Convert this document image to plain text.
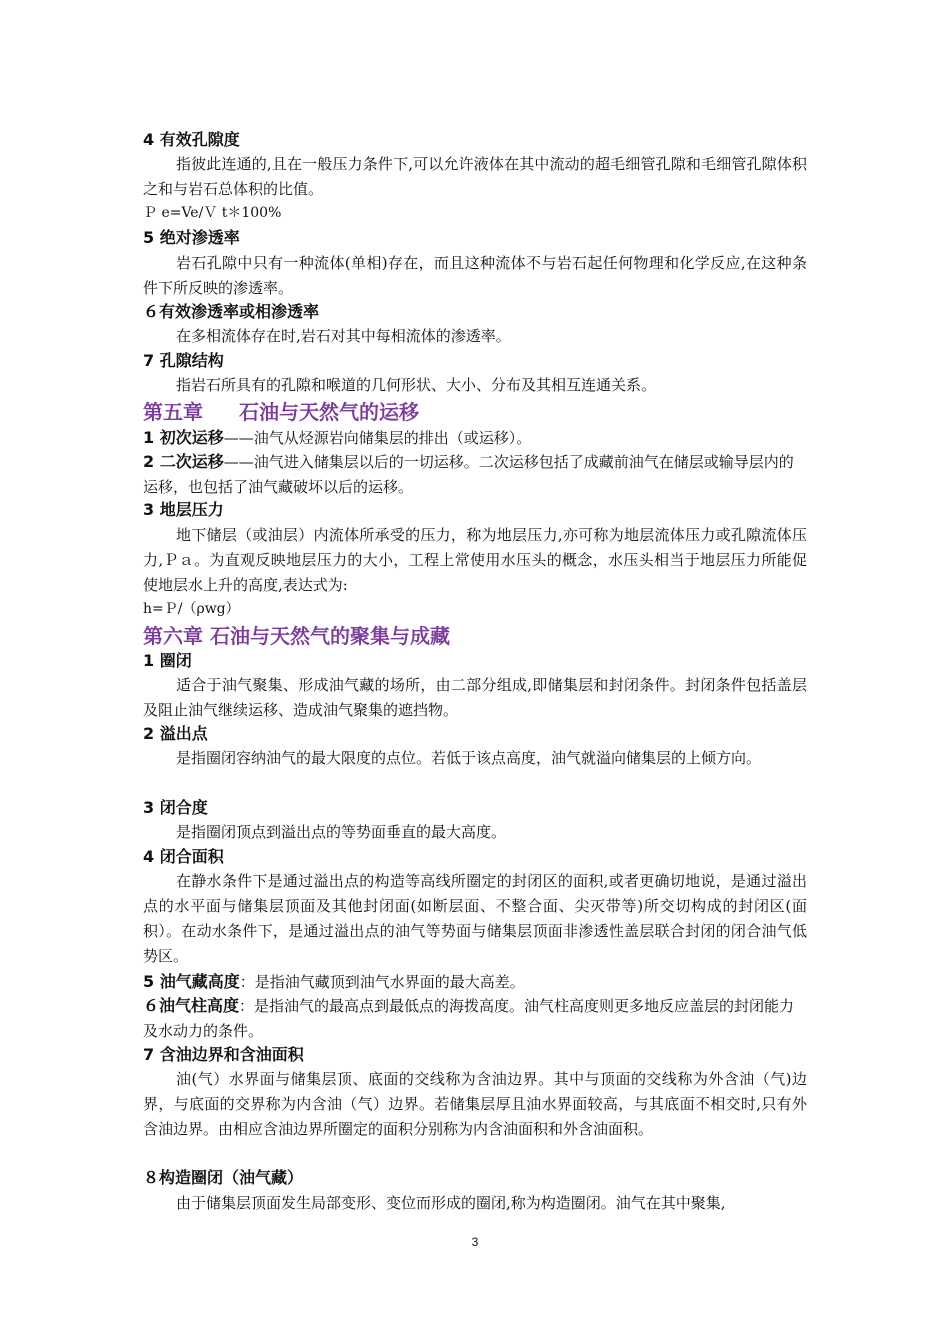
4 有效孔隙度
指彼此连通的,且在一般压力条件下,可以允许液体在其中流动的超毛细管孔隙和毛细管孔隙体积之和与岩石总体积的比值。
Ｐ e=Ve/Ｖ t＊100%
5 绝对渗透率
岩石孔隙中只有一种流体(单相)存在，而且这种流体不与岩石起任何物理和化学反应,在这种条件下所反映的渗透率。
６有效渗透率或相渗透率
在多相流体存在时,岩石对其中每相流体的渗透率。
7 孔隙结构
指岩石所具有的孔隙和喉道的几何形状、大小、分布及其相互连通关系。
第五章 石油与天然气的运移
1 初次运移——油气从烃源岩向储集层的排出（或运移）。
2 二次运移——油气进入储集层以后的一切运移。二次运移包括了成藏前油气在储层或输导层内的运移，也包括了油气藏破坏以后的运移。
3 地层压力
地下储层（或油层）内流体所承受的压力，称为地层压力,亦可称为地层流体压力或孔隙流体压力,Ｐａ。为直观反映地层压力的大小，工程上常使用水压头的概念，水压头相当于地层压力所能促使地层水上升的高度,表达式为:
h=Ｐ/（ρwg）
第六章 石油与天然气的聚集与成藏
1 圈闭
适合于油气聚集、形成油气藏的场所，由二部分组成,即储集层和封闭条件。封闭条件包括盖层及阻止油气继续运移、造成油气聚集的遮挡物。
2 溢出点
是指圈闭容纳油气的最大限度的点位。若低于该点高度，油气就溢向储集层的上倾方向。
3 闭合度
是指圈闭顶点到溢出点的等势面垂直的最大高度。
4 闭合面积
在静水条件下是通过溢出点的构造等高线所圈定的封闭区的面积,或者更确切地说，是通过溢出点的水平面与储集层顶面及其他封闭面(如断层面、不整合面、尖灭带等)所交切构成的封闭区(面积）。在动水条件下，是通过溢出点的油气等势面与储集层顶面非渗透性盖层联合封闭的闭合油气低势区。
5 油气藏高度：是指油气藏顶到油气水界面的最大高差。
６油气柱高度：是指油气的最高点到最低点的海拨高度。油气柱高度则更多地反应盖层的封闭能力及水动力的条件。
7 含油边界和含油面积
油(气）水界面与储集层顶、底面的交线称为含油边界。其中与顶面的交线称为外含油（气)边界，与底面的交界称为内含油（气）边界。若储集层厚且油水界面较高，与其底面不相交时,只有外含油边界。由相应含油边界所圈定的面积分别称为内含油面积和外含油面积。
８构造圈闭（油气藏）
由于储集层顶面发生局部变形、变位而形成的圈闭,称为构造圈闭。油气在其中聚集,
3
